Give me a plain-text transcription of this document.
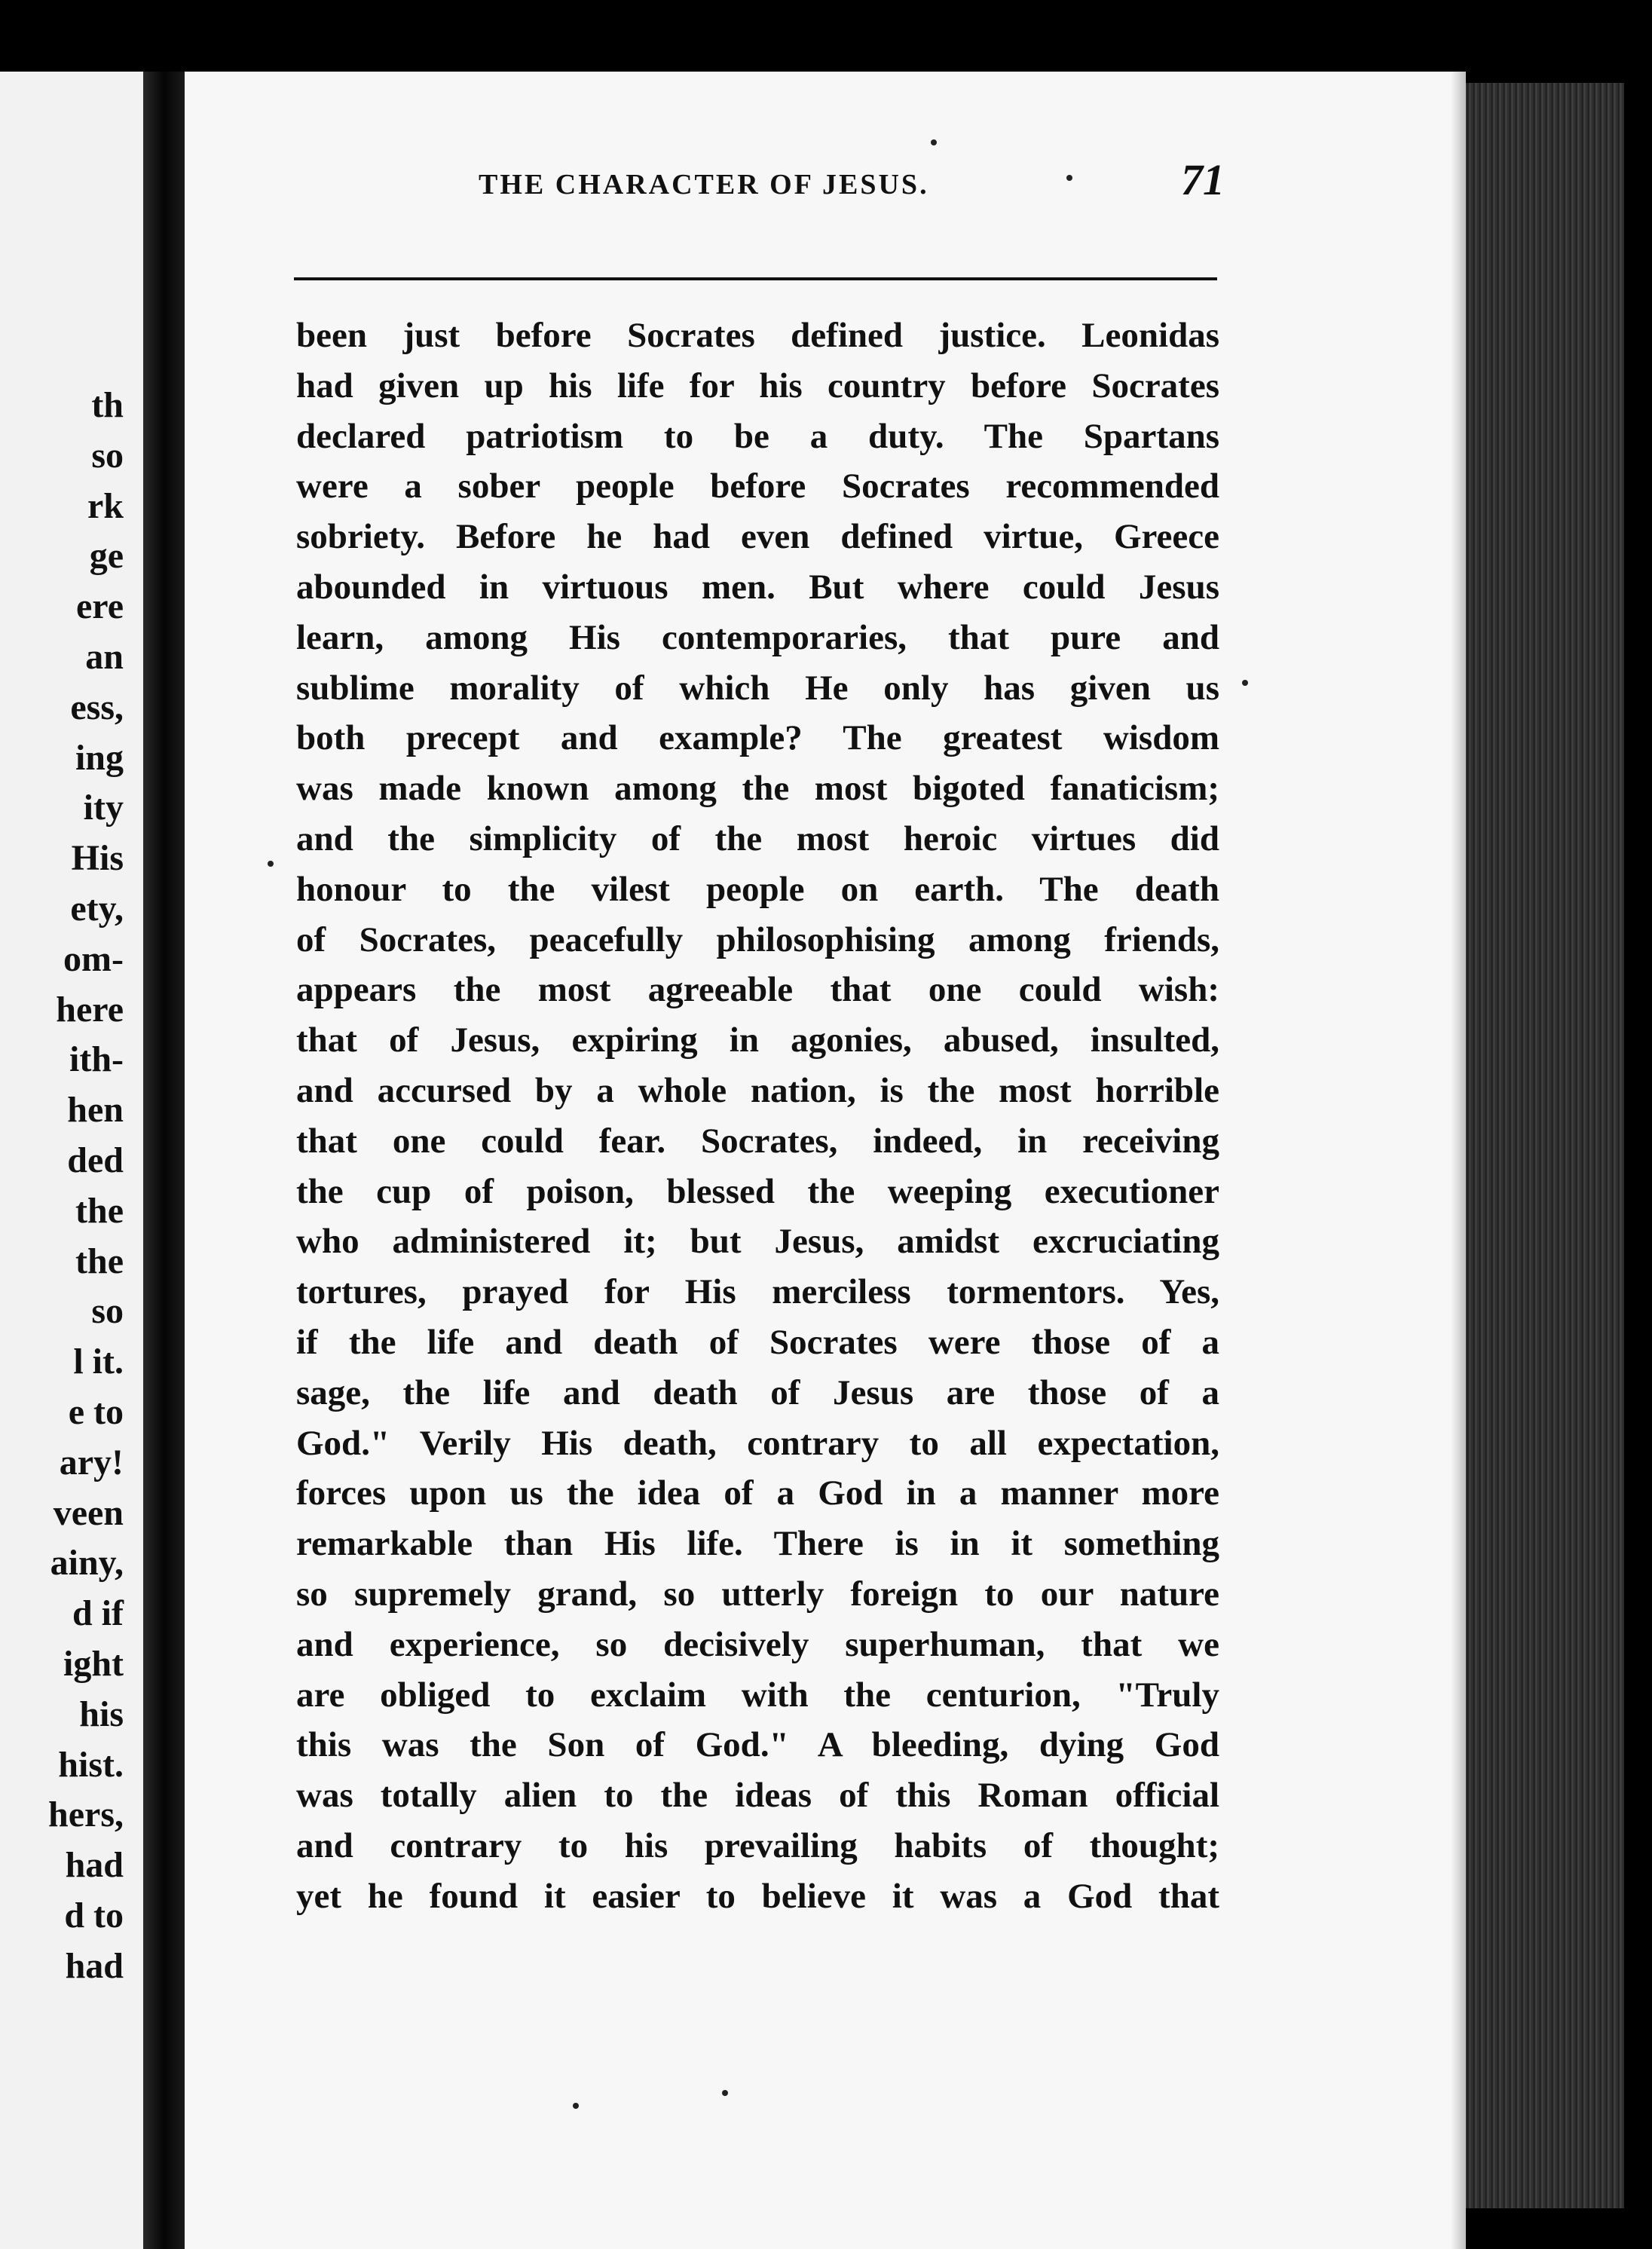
th
so
rk
ge
ere
an
ess,
ing
ity
His
ety,
om-
here
ith-
hen
ded
the
the
so
l it.
e to
ary!
veen
ainy,
d if
ight
his
hist.
hers,
had
d to
had
THE CHARACTER OF JESUS.	71
been just before Socrates defined justice. Leonidas
had given up his life for his country before Socrates
declared patriotism to be a duty. The Spartans
were a sober people before Socrates recommended
sobriety. Before he had even defined virtue, Greece
abounded in virtuous men. But where could Jesus
learn, among His contemporaries, that pure and
sublime morality of which He only has given us
both precept and example? The greatest wisdom
was made known among the most bigoted fanaticism;
and the simplicity of the most heroic virtues did
honour to the vilest people on earth. The death
of Socrates, peacefully philosophising among friends,
appears the most agreeable that one could wish:
that of Jesus, expiring in agonies, abused, insulted,
and accursed by a whole nation, is the most horrible
that one could fear. Socrates, indeed, in receiving
the cup of poison, blessed the weeping executioner
who administered it; but Jesus, amidst excruciating
tortures, prayed for His merciless tormentors. Yes,
if the life and death of Socrates were those of a
sage, the life and death of Jesus are those of a
God." Verily His death, contrary to all expectation,
forces upon us the idea of a God in a manner more
remarkable than His life. There is in it something
so supremely grand, so utterly foreign to our nature
and experience, so decisively superhuman, that we
are obliged to exclaim with the centurion, "Truly
this was the Son of God." A bleeding, dying God
was totally alien to the ideas of this Roman official
and contrary to his prevailing habits of thought;
yet he found it easier to believe it was a God that
